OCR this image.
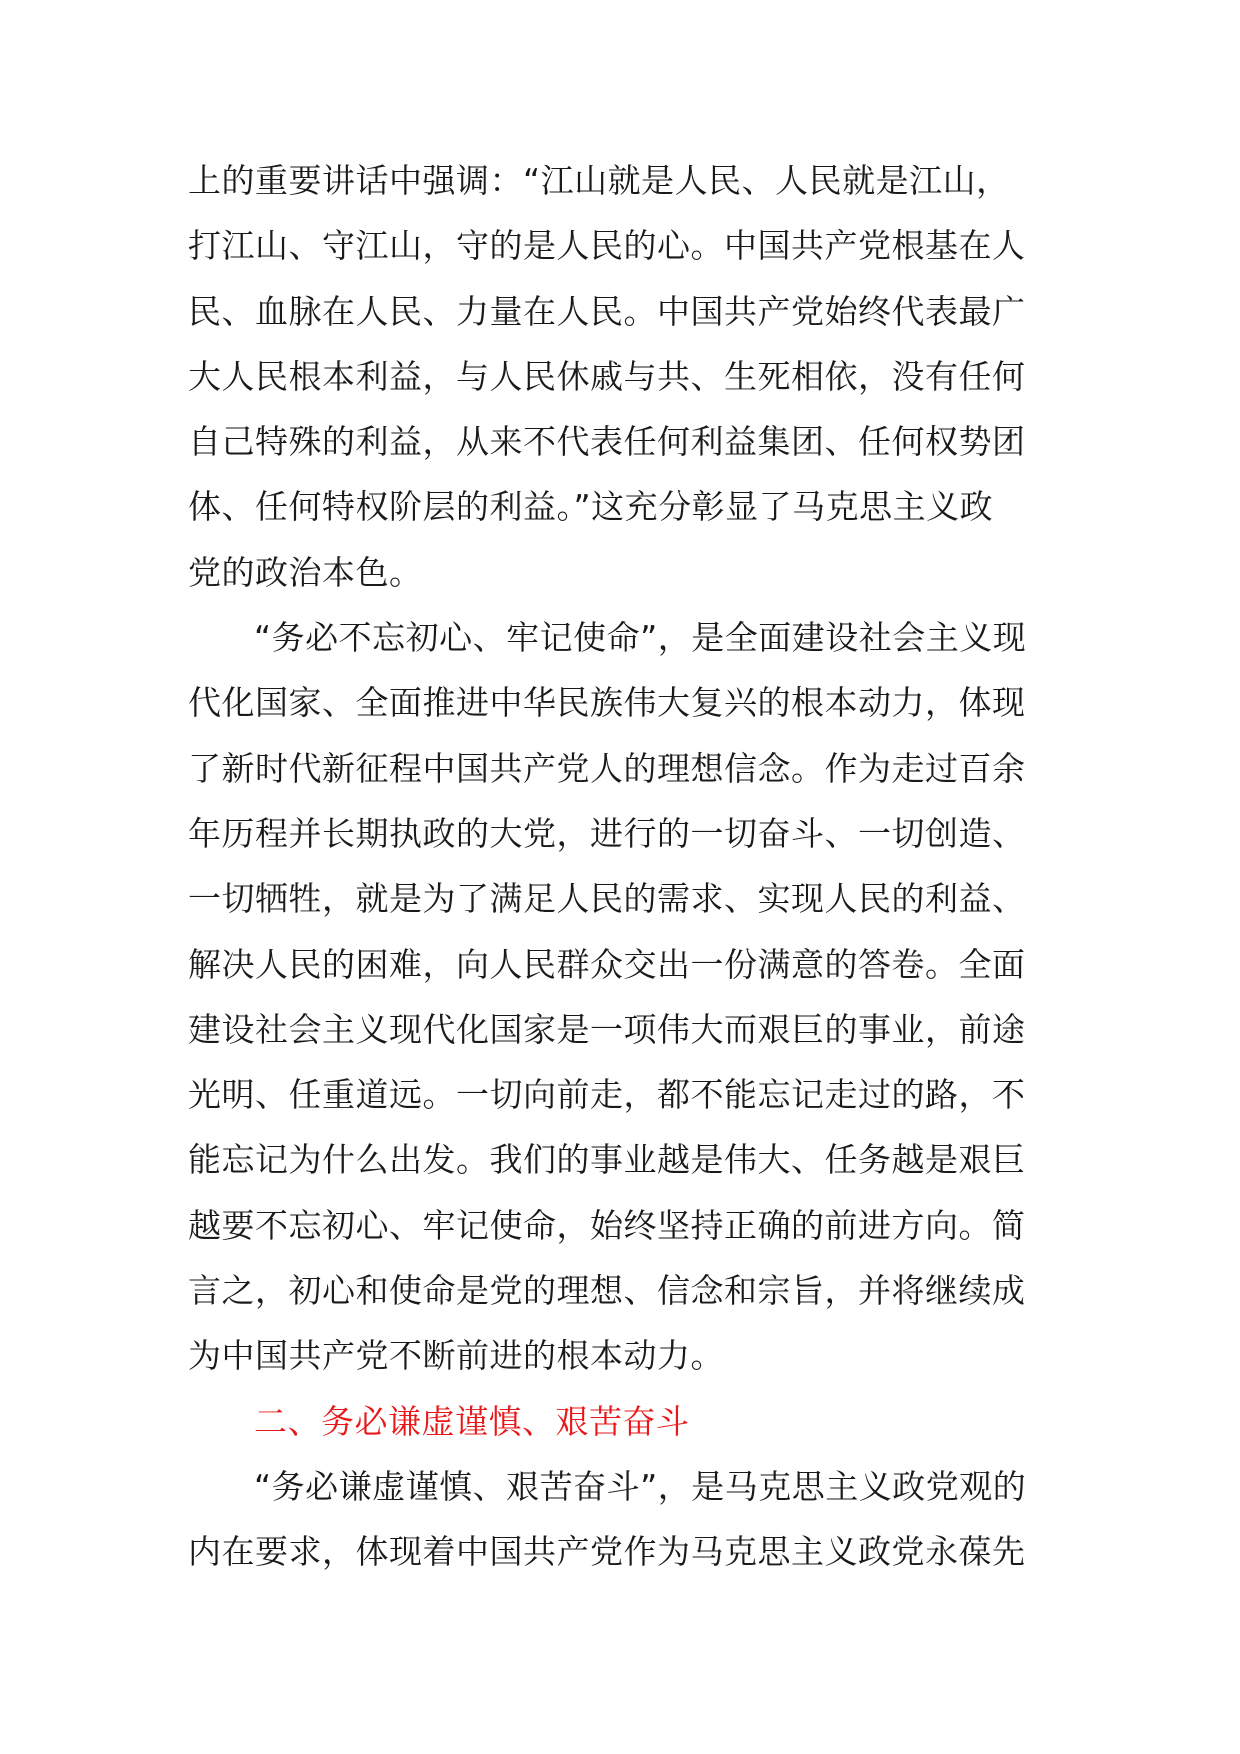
上的重要讲话中强调：“江山就是人民、人民就是江山，
打江山、守江山，守的是人民的心。中国共产党根基在人
民、血脉在人民、力量在人民。中国共产党始终代表最广
大人民根本利益，与人民休戚与共、生死相依，没有任何
自己特殊的利益，从来不代表任何利益集团、任何权势团
体、任何特权阶层的利益。”这充分彰显了马克思主义政
党的政治本色。
“务必不忘初心、牢记使命”，是全面建设社会主义现
代化国家、全面推进中华民族伟大复兴的根本动力，体现
了新时代新征程中国共产党人的理想信念。作为走过百余
年历程并长期执政的大党，进行的一切奋斗、一切创造、
一切牺牲，就是为了满足人民的需求、实现人民的利益、
解决人民的困难，向人民群众交出一份满意的答卷。全面
建设社会主义现代化国家是一项伟大而艰巨的事业，前途
光明、任重道远。一切向前走，都不能忘记走过的路，不
能忘记为什么出发。我们的事业越是伟大、任务越是艰巨
越要不忘初心、牢记使命，始终坚持正确的前进方向。简
言之，初心和使命是党的理想、信念和宗旨，并将继续成
为中国共产党不断前进的根本动力。
二、务必谦虚谨慎、艰苦奋斗
“务必谦虚谨慎、艰苦奋斗”，是马克思主义政党观的
内在要求，体现着中国共产党作为马克思主义政党永葆先
